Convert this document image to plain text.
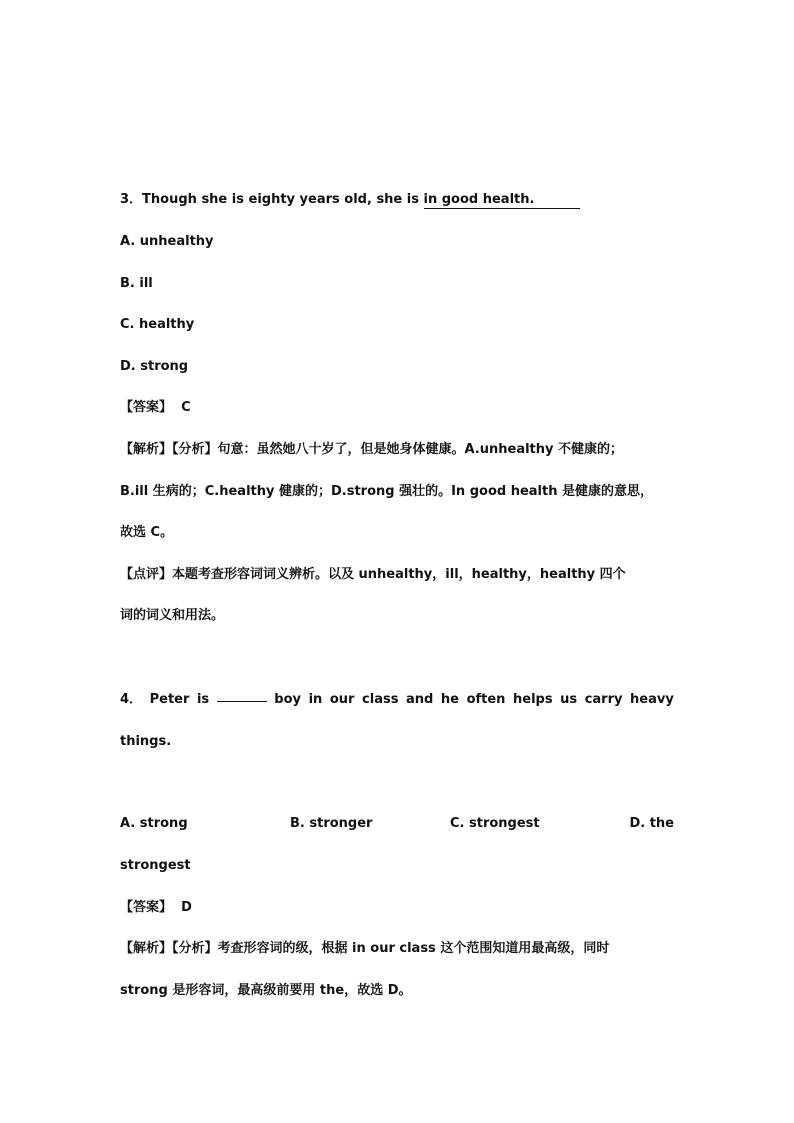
3．Though she is eighty years old, she is in good health.
A. unhealthy
B. ill
C. healthy
D. strong
【答案】 C
【解析】【分析】句意：虽然她八十岁了，但是她身体健康。A.unhealthy 不健康的；
B.ill 生病的；C.healthy 健康的；D.strong 强壮的。In good health 是健康的意思，
故选 C。
【点评】本题考查形容词词义辨析。以及 unhealthy，ill，healthy，healthy 四个
词的词义和用法。
4． Peter is	boy in our class and he often helps us carry heavy
things.
A. strong	B. stronger	C. strongest	D. the
strongest
【答案】 D
【解析】【分析】考查形容词的级，根据 in our class 这个范围知道用最高级，同时
strong 是形容词，最高级前要用 the，故选 D。
